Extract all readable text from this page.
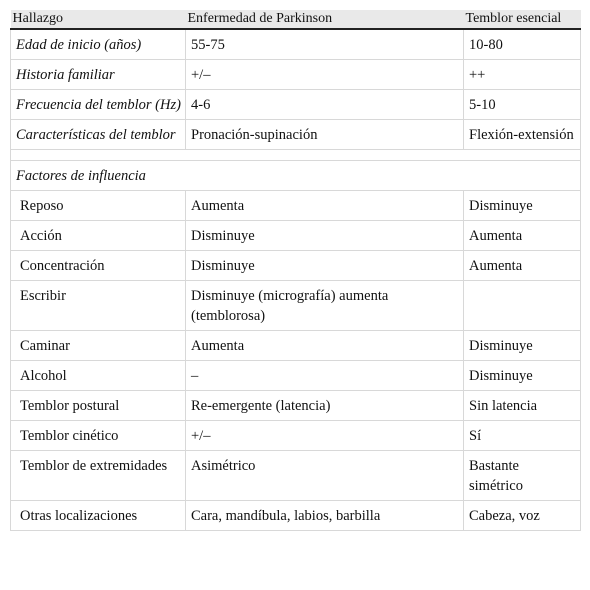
Hallazgo	Enfermedad de Parkinson	Temblor esencial
Edad de inicio (años)	55-75	10-80
Historia familiar	+/–	++
Frecuencia del temblor (Hz)	4-6	5-10
Características del temblor	Pronación-supinación	Flexión-extensión

Factores de influencia		
Reposo	Aumenta	Disminuye
Acción	Disminuye	Aumenta
Concentración	Disminuye	Aumenta
Escribir	Disminuye (micrografía) aumenta (temblorosa)	
Caminar	Aumenta	Disminuye
Alcohol	–	Disminuye
Temblor postural	Re-emergente (latencia)	Sin latencia
Temblor cinético	+/–	Sí
Temblor de extremidades	Asimétrico	Bastante simétrico
Otras localizaciones	Cara, mandíbula, labios, barbilla	Cabeza, voz
